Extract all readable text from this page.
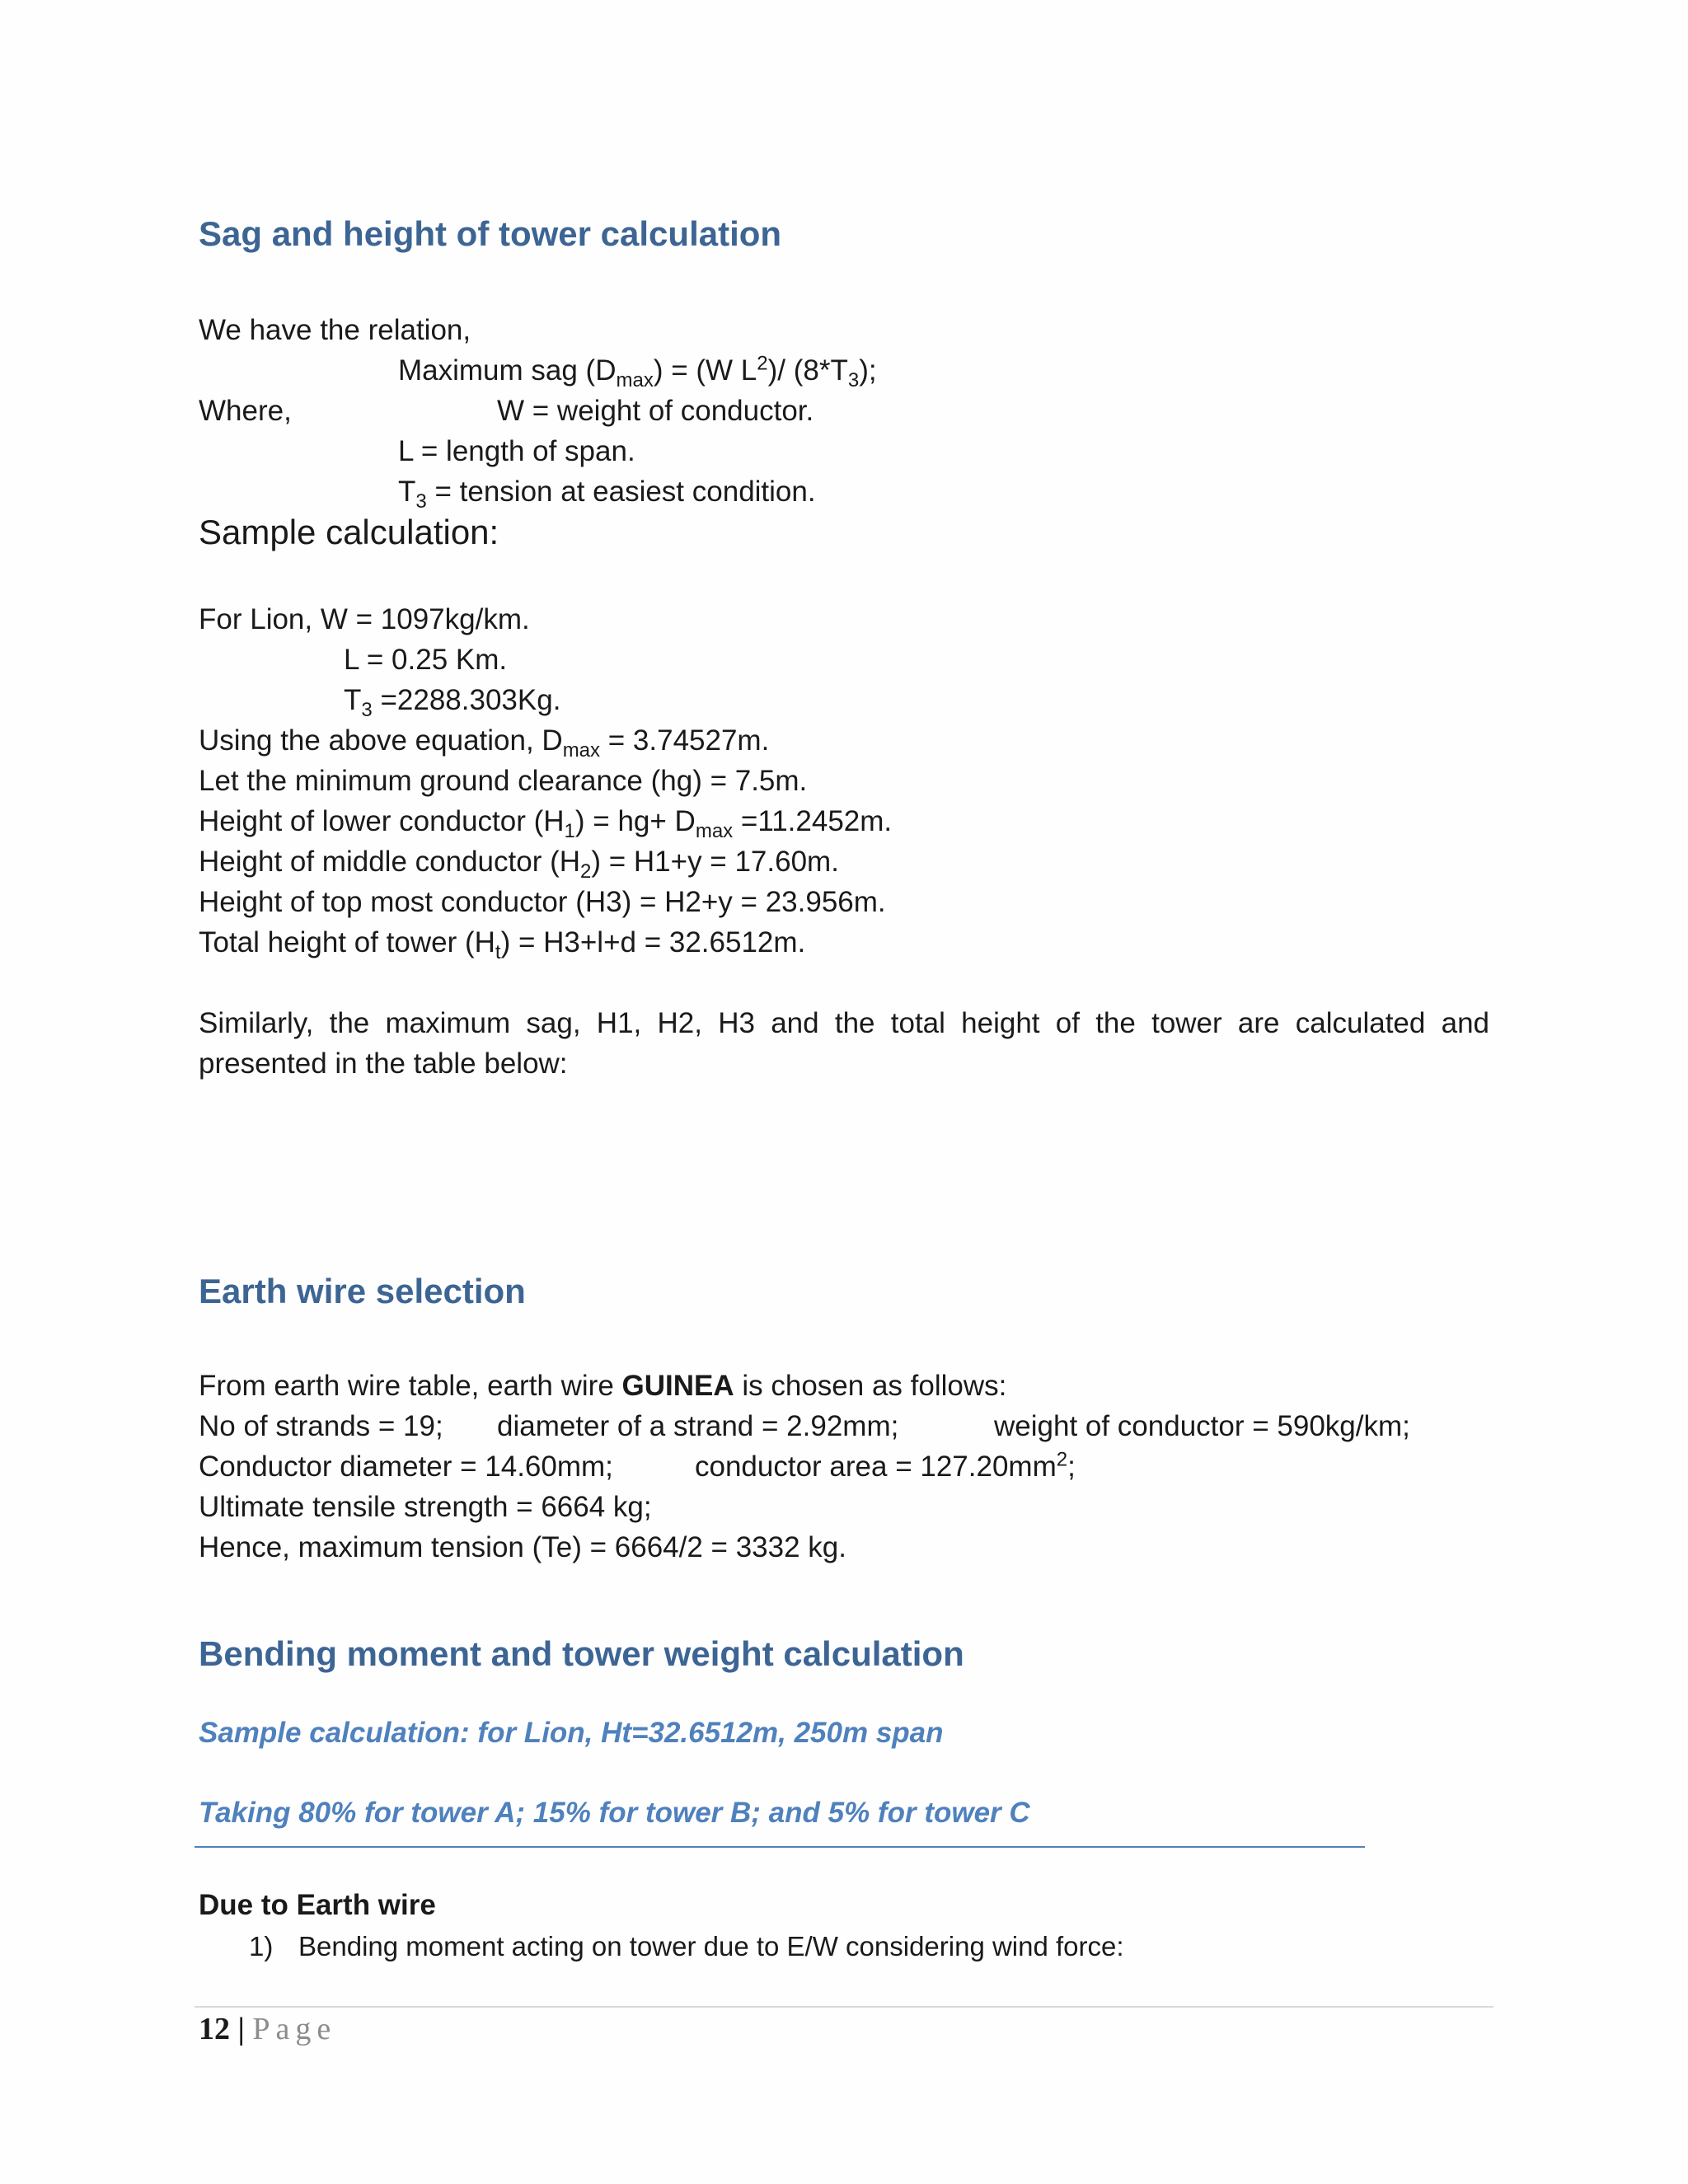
Sag and height of tower calculation
We have the relation,
Maximum sag $(D_{max}) = (W$ $L^2)/$ $(8*T_3)$;
Where,	W = weight of conductor.
L = length of span.
$T_3$ = tension at easiest condition.
Sample calculation:
For Lion, W = 1097kg/km.
L = 0.25 Km.
$T_3 =2288.303Kg$.
Using the above equation, $D_{max} = 3.74527m$.
Let the minimum ground clearance (hg) = 7.5m.
Height of lower conductor $(H_1) = hg+ D_{max} =11.2452m$.
Height of middle conductor $(H_2) = H1+y = 17.60m$.
Height of top most conductor (H3) = H2+y = 23.956m.
Total height of tower $(H_t) = H3+l+d = 32.6512m$.
Similarly, the maximum sag, H1, H2, H3 and the total height of the tower are calculated and presented in the table below:
Earth wire selection
From earth wire table, earth wire GUINEA is chosen as follows:
No of strands = 19; diameter of a strand = 2.92mm;	weight of conductor = 590kg/km;
Conductor diameter = 14.60mm;	conductor area = $127.20mm^2$;
Ultimate tensile strength = 6664 kg;
Hence, maximum tension (Te) = 6664/2 = 3332 kg.
Bending moment and tower weight calculation
Sample calculation: for Lion, Ht=32.6512m, 250m span
Taking 80% for tower A; 15% for tower B; and 5% for tower C
Due to Earth wire
1) Bending moment acting on tower due to E/W considering wind force:
12 | Page
